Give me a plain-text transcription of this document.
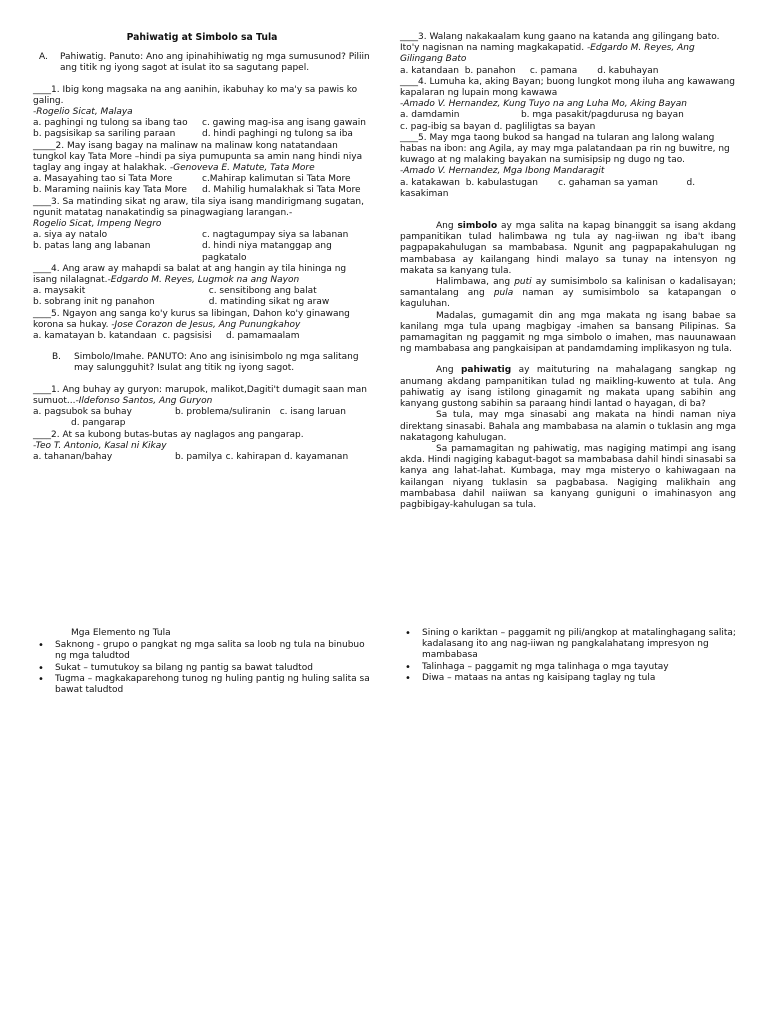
Pahiwatig at Simbolo sa Tula
A.	Pahiwatig. Panuto: Ano ang ipinahihiwatig ng mga sumusunod? Piliin ang titik ng iyong sagot at isulat ito sa sagutang papel.
____1. Ibig kong magsaka na ang aanihin, ikabuhay ko ma'y sa pawis ko galing.
-Rogelio Sicat, Malaya
a. paghingi ng tulong sa ibang tao	c. gawing mag-isa ang isang gawain
b. pagsisikap sa sariling paraan	d. hindi paghingi ng tulong sa iba
_____2. May isang bagay na malinaw na malinaw kong natatandaan tungkol kay Tata More –hindi pa siya pumupunta sa amin nang hindi niya taglay ang ingay at halakhak. -Genoveva E. Matute, Tata More
a. Masayahing tao si Tata More	c.Mahirap kalimutan si Tata More
b. Maraming naiinis kay Tata More	d. Mahilig humalakhak si Tata More
____3. Sa matinding sikat ng araw, tila siya isang mandirigmang sugatan, ngunit matatag nanakatindig sa pinagwagiang larangan.-
Rogelio Sicat, Impeng Negro
a. siya ay natalo	c. nagtagumpay siya sa labanan
b. patas lang ang labanan	d. hindi niya matanggap ang pagkatalo
____4. Ang araw ay mahapdi sa balat at ang hangin ay tila hininga ng isang nilalagnat.-Edgardo M. Reyes, Lugmok na ang Nayon
a. maysakit	c. sensitibong ang balat
b. sobrang init ng panahon	d. matinding sikat ng araw
____5. Ngayon ang sanga ko'y kurus sa libingan, Dahon ko'y ginawang korona sa hukay. -Jose Corazon de Jesus, Ang Punungkahoy
a. kamatayan b. katandaan  c. pagsisisi     d. pamamaalam
B.	Simbolo/Imahe. PANUTO: Ano ang isinisimbolo ng mga salitang may salungguhit? Isulat ang titik ng iyong sagot.
____1. Ang buhay ay guryon: marupok, malikot,Dagiti't dumagit saan man sumuot...-Ildefonso Santos, Ang Guryon
a. pagsubok sa buhay	b. problema/suliranin	c. isang laruan
d. pangarap
____2. At sa kubong butas-butas ay naglagos ang pangarap.
-Teo T. Antonio, Kasal ni Kikay
a. tahanan/bahay	b. pamilya c. kahirapan d. kayamanan
____3. Walang nakakaalam kung gaano na katanda ang gilingang bato. Ito'y nagisnan na naming magkakapatid. -Edgardo M. Reyes, Ang Gilingang Bato
a. katandaan  b. panahon     c. pamana       d. kabuhayan
____4. Lumuha ka, aking Bayan; buong lungkot mong iluha ang kawawang kapalaran ng lupain mong kawawa
-Amado V. Hernandez, Kung Tuyo na ang Luha Mo, Aking Bayan
a. damdamin	b. mga pasakit/pagdurusa ng bayan
c. pag-ibig sa bayan d. pagliligtas sa bayan
____5. May mga taong bukod sa hangad na tularan ang lalong walang habas na ibon: ang Agila, ay may mga palatandaan pa rin ng buwitre, ng kuwago at ng malaking bayakan na sumisipsip ng dugo ng tao.
-Amado V. Hernandez, Mga Ibong Mandaragit
a. katakawan  b. kabulastugan       c. gahaman sa yaman          d. kasakiman

Ang simbolo ay mga salita na kapag binanggit sa isang akdang pampanitikan tulad halimbawa ng tula ay nag-iiwan ng iba't ibang pagpapakahulugan sa mambabasa. Ngunit ang pagpapakahulugan ng mambabasa ay kailangang hindi malayo sa tunay na intensyon ng makata sa kanyang tula.

Halimbawa, ang puti ay sumisimbolo sa kalinisan o kadalisayan; samantalang ang pula naman ay sumisimbolo sa katapangan o kaguluhan.

Madalas, gumagamit din ang mga makata ng isang babae sa kanilang mga tula upang magbigay -imahen sa bansang Pilipinas. Sa pamamagitan ng paggamit ng mga simbolo o imahen, mas nauunawaan ng mambabasa ang pangkaisipan at pandamdaming implikasyon ng tula.

Ang pahiwatig ay maituturing na mahalagang sangkap ng anumang akdang pampanitikan tulad ng maikling-kuwento at tula. Ang pahiwatig ay isang istilong ginagamit ng makata upang sabihin ang kanyang gustong sabihin sa paraang hindi lantad o hayagan, di ba?

Sa tula, may mga sinasabi ang makata na hindi naman niya direktang sinasabi. Bahala ang mambabasa na alamin o tuklasin ang mga nakatagong kahulugan.

Sa pamamagitan ng pahiwatig, mas nagiging matimpi ang isang akda. Hindi nagiging kabagut-bagot sa mambabasa dahil hindi sinasabi sa kanya ang lahat-lahat. Kumbaga, may mga misteryo o kahiwagaan na kailangan niyang tuklasin sa pagbabasa. Nagiging malikhain ang mambabasa dahil naiiwan sa kanyang guniguni o imahinasyon ang pagbibigay-kahulugan sa tula.

Mga Elemento ng Tula
• Saknong - grupo o pangkat ng mga salita sa loob ng tula na binubuo ng mga taludtod
• Sukat – tumutukoy sa bilang ng pantig sa bawat taludtod
• Tugma – magkakaparehong tunog ng huling pantig ng huling salita sa bawat taludtod
• Sining o kariktan – paggamit ng pili/angkop at matalinghagang salita; kadalasang ito ang nag-iiwan ng pangkalahatang impresyon ng mambabasa
• Talinhaga – paggamit ng mga talinhaga o mga tayutay
• Diwa – mataas na antas ng kaisipang taglay ng tula
